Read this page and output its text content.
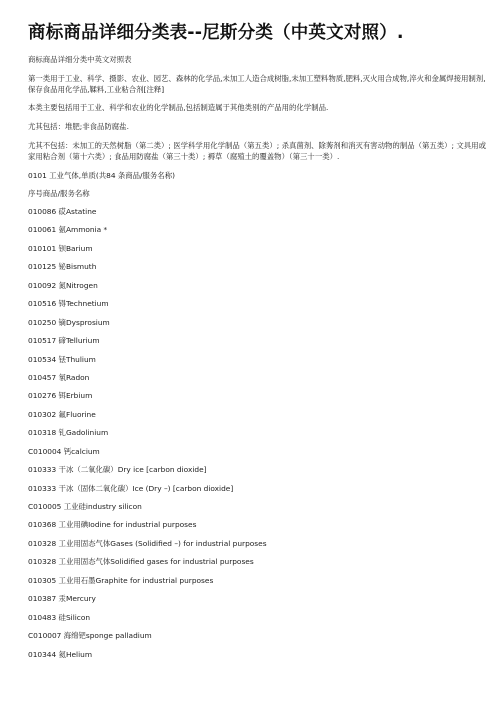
商标商品详细分类表--尼斯分类（中英文对照）.

商标商品详细分类中英文对照表

第一类用于工业、科学、摄影、农业、园艺、森林的化学品,未加工人造合成树脂,未加工塑料物质,肥料,灭火用合成物,淬火和金属焊接用制剂,保存食品用化学品,鞣料,工业粘合剂[注释]

本类主要包括用于工业、科学和农业的化学制品,包括制造属于其他类别的产品用的化学制品.

尤其包括：堆肥;非食品防腐盐.

尤其不包括：未加工的天然树脂（第二类）; 医学科学用化学制品（第五类）; 杀真菌剂、除莠剂和消灭有害动物的制品（第五类）; 文具用或家用粘合剂（第十六类）; 食品用防腐盐（第三十类）; 褥草（腐殖土的覆盖物）（第三十一类）.

0101 工业气体,单质(共84 条商品/服务名称)

序号商品/服务名称

010086 砹Astatine
010061 氨Ammonia *
010101 钡Barium
010125 铋Bismuth
010092 氮Nitrogen
010516 锝Technetium
010250 镝Dysprosium
010517 碲Tellurium
010534 铥Thulium
010457 氡Radon
010276 铒Erbium
010302 氟Fluorine
010318 钆Gadolinium
C010004 钙calcium
010333 干冰（二氧化碳）Dry ice [carbon dioxide]
010333 干冰（固体二氧化碳）Ice (Dry –) [carbon dioxide]
C010005 工业硅industry silicon
010368 工业用碘Iodine for industrial purposes
010328 工业用固态气体Gases (Solidified –) for industrial purposes
010328 工业用固态气体Solidified gases for industrial purposes
010305 工业用石墨Graphite for industrial purposes
010387 汞Mercury
010483 硅Silicon
C010007 海绵钯sponge palladium
010344 氦Helium
